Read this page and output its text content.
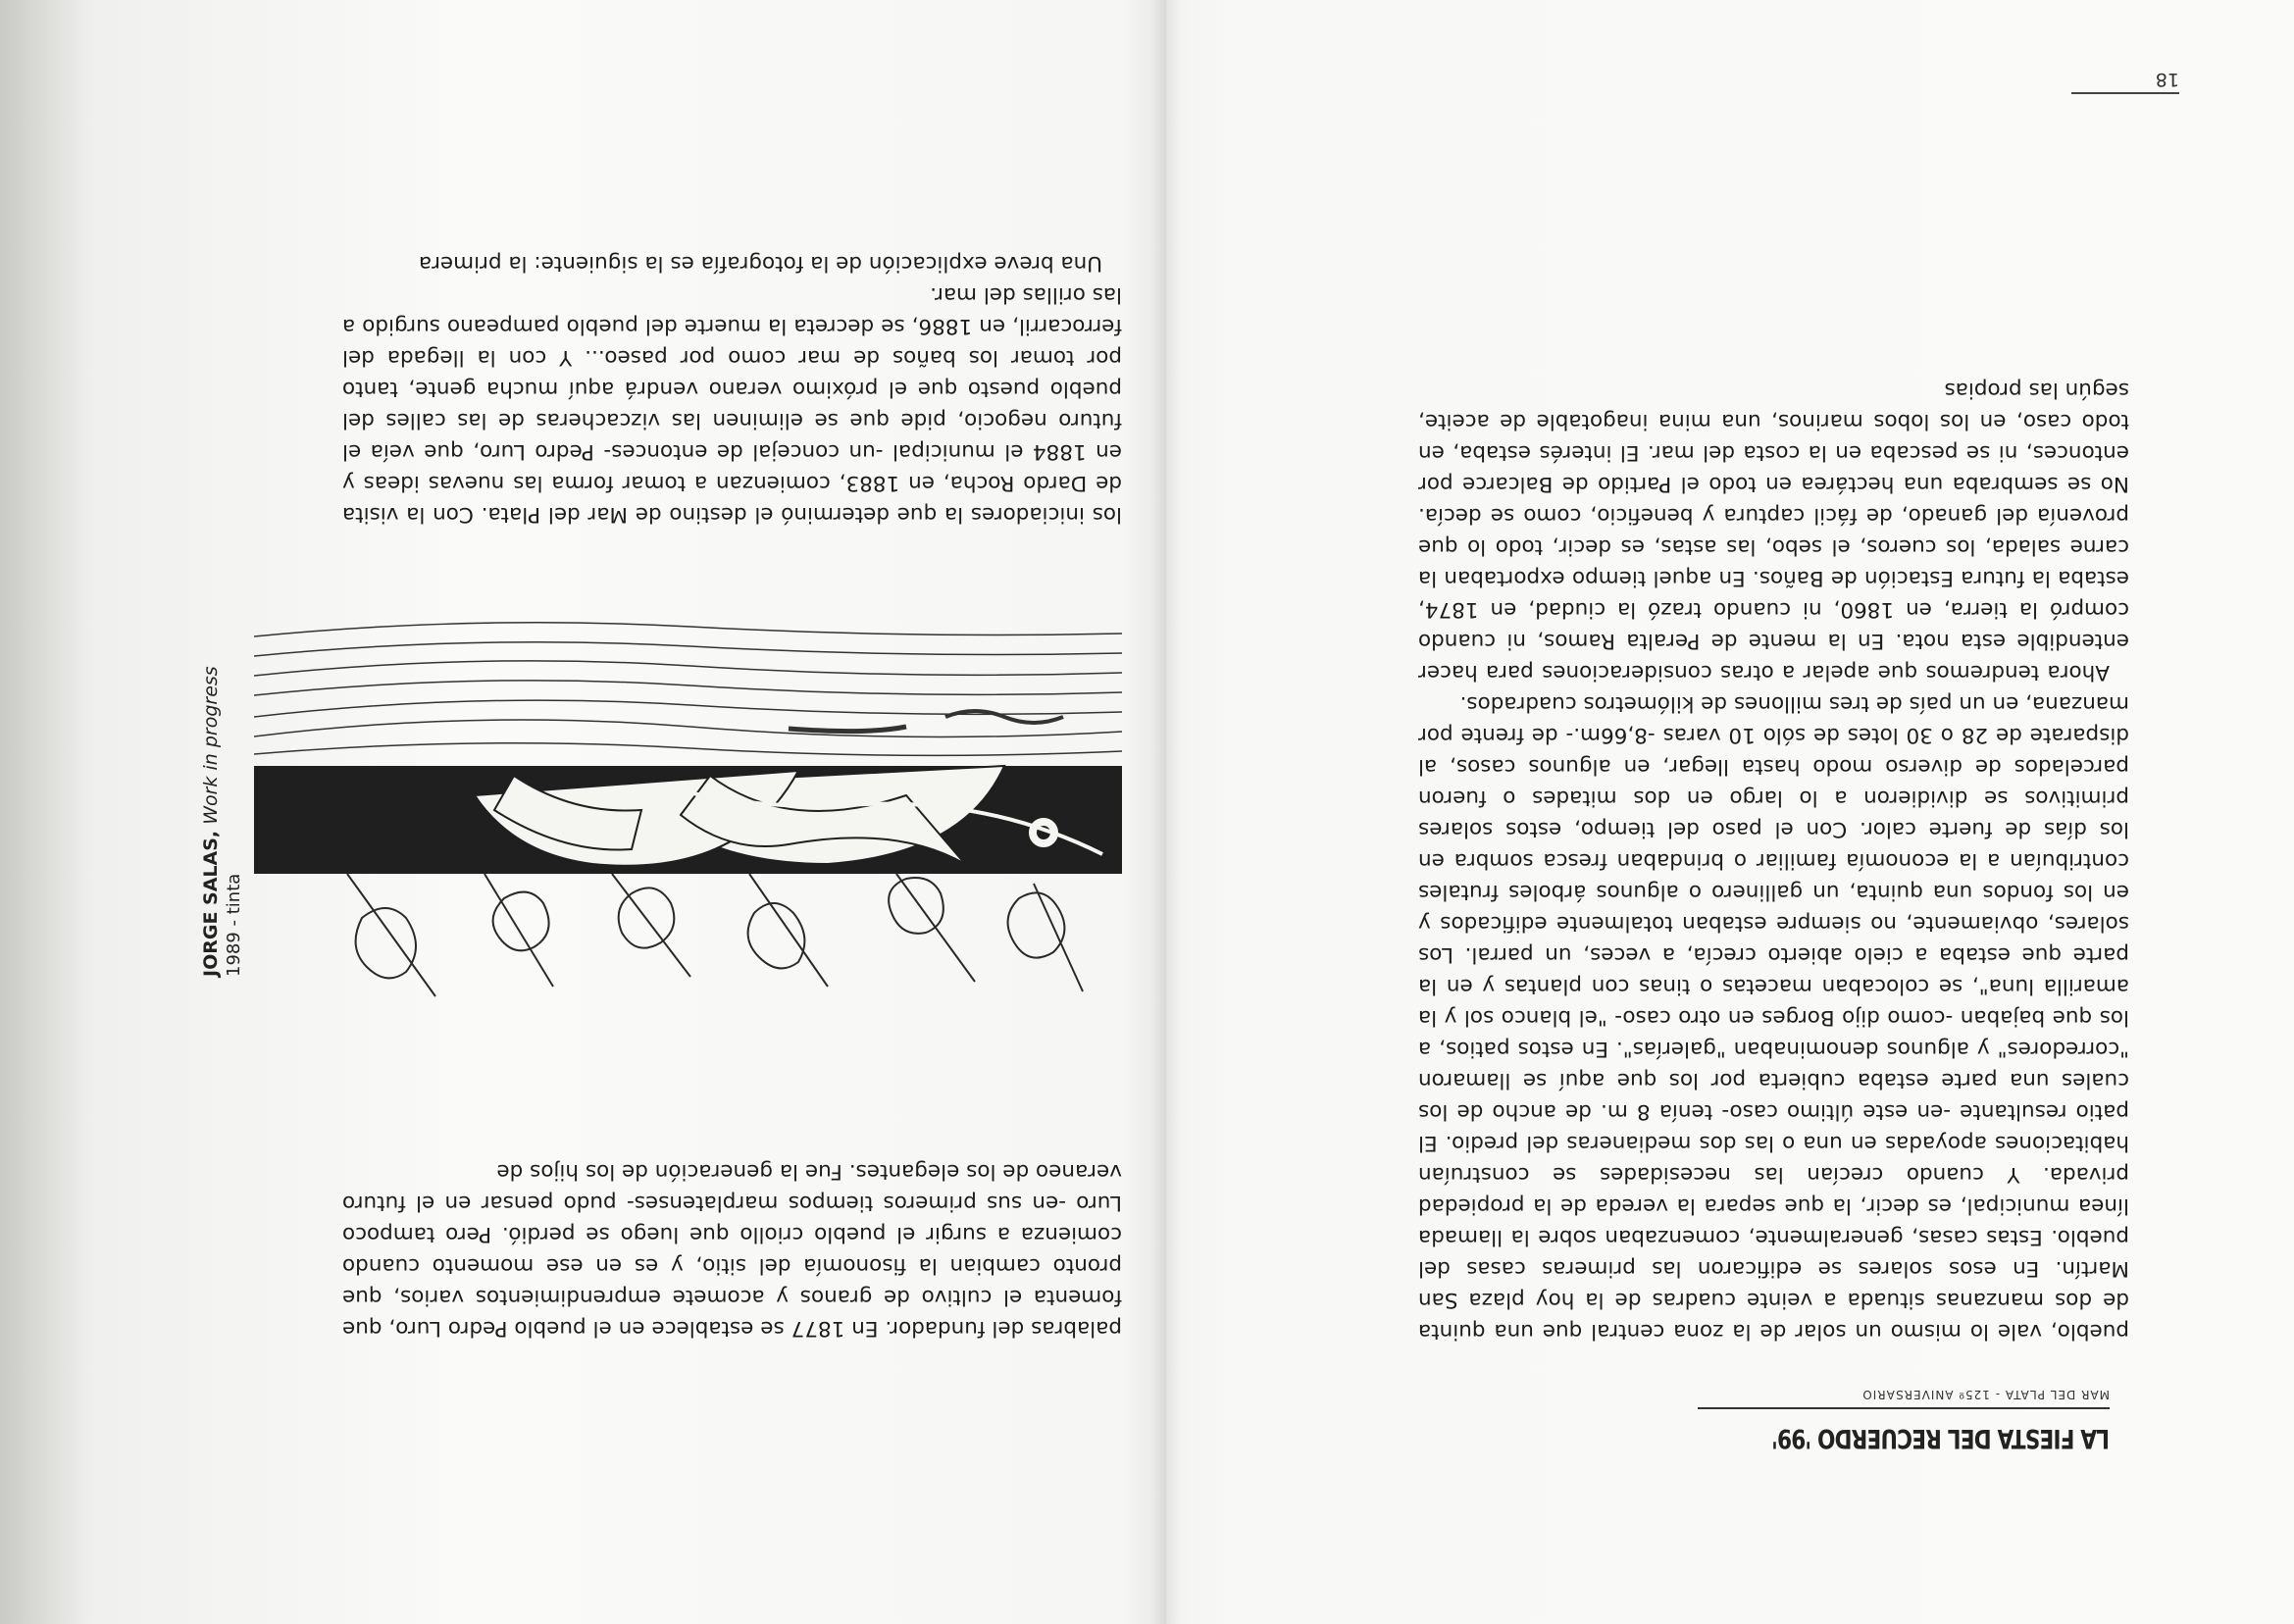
LA FIESTA DEL RECUERDO '99'
MAR DEL PLATA - 125º ANIVERSARIO

pueblo, vale lo mismo un solar de la zona central que una quinta de dos manzanas situada a veinte cuadras de la hoy plaza San Martín. En esos solares se edificaron las primeras casas del pueblo. Estas casas, generalmente, comenzaban sobre la llamada línea municipal, es decir, la que separa la vereda de la propiedad privada. Y cuando crecían las necesidades se construían habitaciones apoyadas en una o las dos medianeras del predio. El patio resultante -en este último caso- tenía 8 m. de ancho de los cuales una parte estaba cubierta por los que aquí se llamaron "corredores" y algunos denominaban "galerías". En estos patios, a los que bajaban -como dijo Borges en otro caso- "el blanco sol y la amarilla luna", se colocaban macetas o tinas con plantas y en la parte que estaba a cielo abierto crecía, a veces, un parral. Los solares, obviamente, no siempre estaban totalmente edificados y en los fondos una quinta, un gallinero o algunos árboles frutales contribuían a la economía familiar o brindaban fresca sombra en los días de fuerte calor. Con el paso del tiempo, estos solares primitivos se dividieron a lo largo en dos mitades o fueron parcelados de diverso modo hasta llegar, en algunos casos, al disparate de 28 o 30 lotes de sólo 10 varas -8,66m.- de frente por manzana, en un país de tres millones de kilómetros cuadrados.

Ahora tendremos que apelar a otras consideraciones para hacer entendible esta nota. En la mente de Peralta Ramos, ni cuando compró la tierra, en 1860, ni cuando trazó la ciudad, en 1874, estaba la futura Estación de Baños. En aquel tiempo exportaban la carne salada, los cueros, el sebo, las astas, es decir, todo lo que provenía del ganado, de fácil captura y beneficio, como se decía. No se sembraba una hectárea en todo el Partido de Balcarce por entonces, ni se pescaba en la costa del mar. El interés estaba, en todo caso, en los lobos marinos, una mina inagotable de aceite, según las propias

18

palabras del fundador. En 1877 se establece en el pueblo Pedro Luro, que fomenta el cultivo de granos y acomete emprendimientos varios, que pronto cambian la fisonomía del sitio, y es en ese momento cuando comienza a surgir el pueblo criollo que luego se perdió. Pero tampoco Luro -en sus primeros tiempos marplatenses- pudo pensar en el futuro veraneo de los elegantes. Fue la generación de los hijos de

los iniciadores la que determinó el destino de Mar del Plata. Con la visita de Dardo Rocha, en 1883, comienzan a tomar forma las nuevas ideas y en 1884 el municipal -un concejal de entonces- Pedro Luro, que veía el futuro negocio, pide que se eliminen las vizcacheras de las calles del pueblo puesto que el próximo verano vendrá aquí mucha gente, tanto por tomar los baños de mar como por paseo... Y con la llegada del ferrocarril, en 1886, se decreta la muerte del pueblo pampeano surgido a las orillas del mar.

Una breve explicación de la fotografía es la siguiente: la primera

JORGE SALAS, Work in progress
1989 - tinta
